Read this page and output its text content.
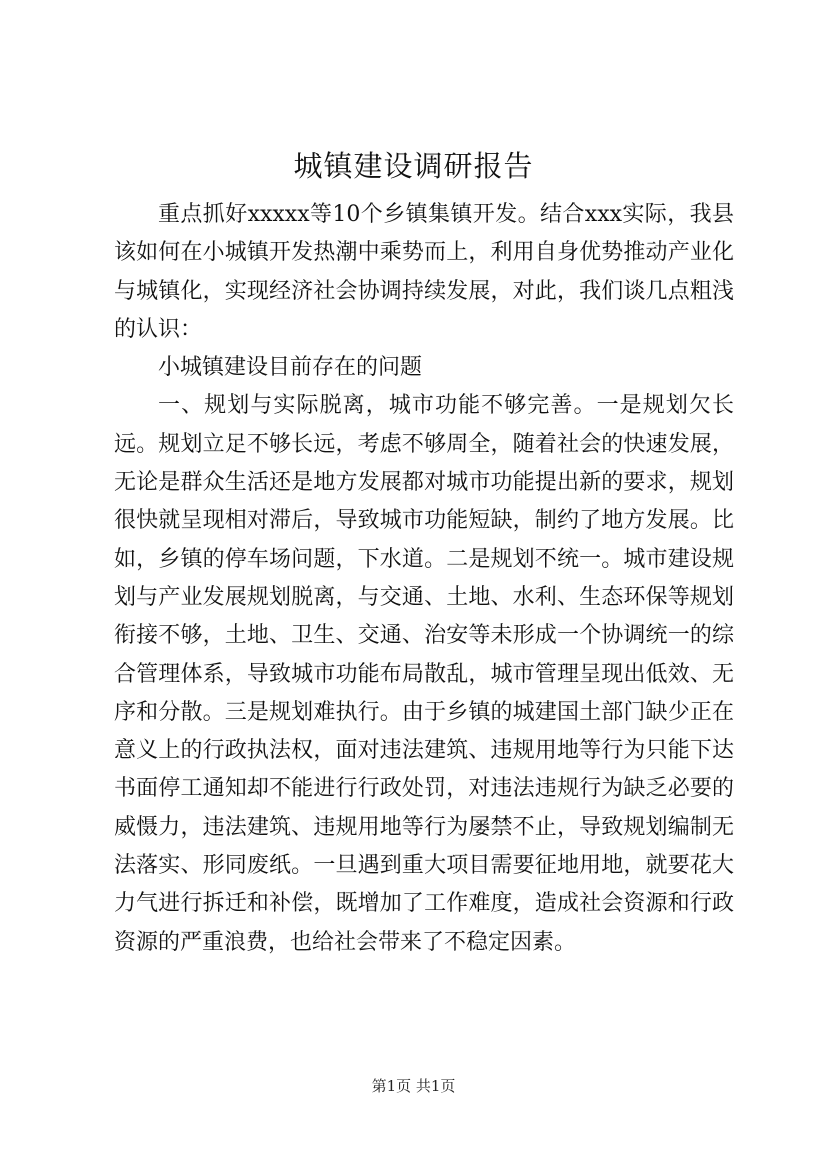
城镇建设调研报告

重点抓好xxxxx等10个乡镇集镇开发。结合xxx实际，我县该如何在小城镇开发热潮中乘势而上，利用自身优势推动产业化与城镇化，实现经济社会协调持续发展，对此，我们谈几点粗浅的认识：

小城镇建设目前存在的问题

一、规划与实际脱离，城市功能不够完善。一是规划欠长远。规划立足不够长远，考虑不够周全，随着社会的快速发展，无论是群众生活还是地方发展都对城市功能提出新的要求，规划很快就呈现相对滞后，导致城市功能短缺，制约了地方发展。比如，乡镇的停车场问题，下水道。二是规划不统一。城市建设规划与产业发展规划脱离，与交通、土地、水利、生态环保等规划衔接不够，土地、卫生、交通、治安等未形成一个协调统一的综合管理体系，导致城市功能布局散乱，城市管理呈现出低效、无序和分散。三是规划难执行。由于乡镇的城建国土部门缺少正在意义上的行政执法权，面对违法建筑、违规用地等行为只能下达书面停工通知却不能进行行政处罚，对违法违规行为缺乏必要的威慑力，违法建筑、违规用地等行为屡禁不止，导致规划编制无法落实、形同废纸。一旦遇到重大项目需要征地用地，就要花大力气进行拆迁和补偿，既增加了工作难度，造成社会资源和行政资源的严重浪费，也给社会带来了不稳定因素。

第1页 共1页
